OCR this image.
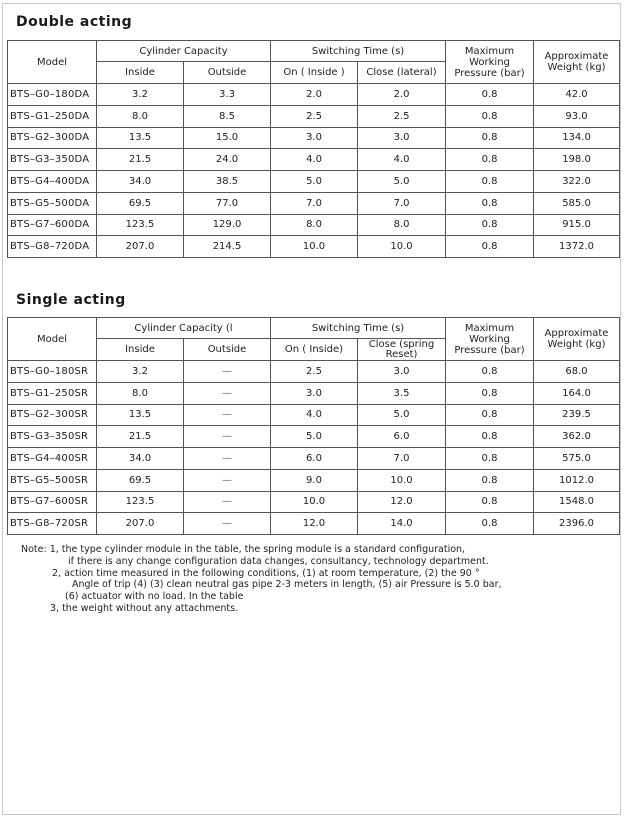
Double acting
Model	Cylinder Capacity		Switching Time (s)		Maximum Working Pressure (bar)	Approximate Weight (kg)
	Inside	Outside	On ( Inside )	Close (lateral)		
BTS–G0–180DA	3.2	3.3	2.0	2.0	0.8	42.0
BTS–G1–250DA	8.0	8.5	2.5	2.5	0.8	93.0
BTS–G2–300DA	13.5	15.0	3.0	3.0	0.8	134.0
BTS–G3–350DA	21.5	24.0	4.0	4.0	0.8	198.0
BTS–G4–400DA	34.0	38.5	5.0	5.0	0.8	322.0
BTS–G5–500DA	69.5	77.0	7.0	7.0	0.8	585.0
BTS–G7–600DA	123.5	129.0	8.0	8.0	0.8	915.0
BTS–G8–720DA	207.0	214.5	10.0	10.0	0.8	1372.0
Single acting
Model	Cylinder Capacity (l		Switching Time (s)		Maximum Working Pressure (bar)	Approximate Weight (kg)
	Inside	Outside	On ( Inside)	Close (spring Reset)		
BTS–G0–180SR	3.2	—	2.5	3.0	0.8	68.0
BTS–G1–250SR	8.0	—	3.0	3.5	0.8	164.0
BTS–G2–300SR	13.5	—	4.0	5.0	0.8	239.5
BTS–G3–350SR	21.5	—	5.0	6.0	0.8	362.0
BTS–G4–400SR	34.0	—	6.0	7.0	0.8	575.0
BTS–G5–500SR	69.5	—	9.0	10.0	0.8	1012.0
BTS–G7–600SR	123.5	—	10.0	12.0	0.8	1548.0
BTS–G8–720SR	207.0	—	12.0	14.0	0.8	2396.0
Note: 1, the type cylinder module in the table, the spring module is a standard configuration,
if there is any change configuration data changes, consultancy, technology department.
2, action time measured in the following conditions, (1) at room temperature, (2) the 90 °
Angle of trip (4) (3) clean neutral gas pipe 2-3 meters in length, (5) air Pressure is 5.0 bar,
(6) actuator with no load. In the table
3, the weight without any attachments.
